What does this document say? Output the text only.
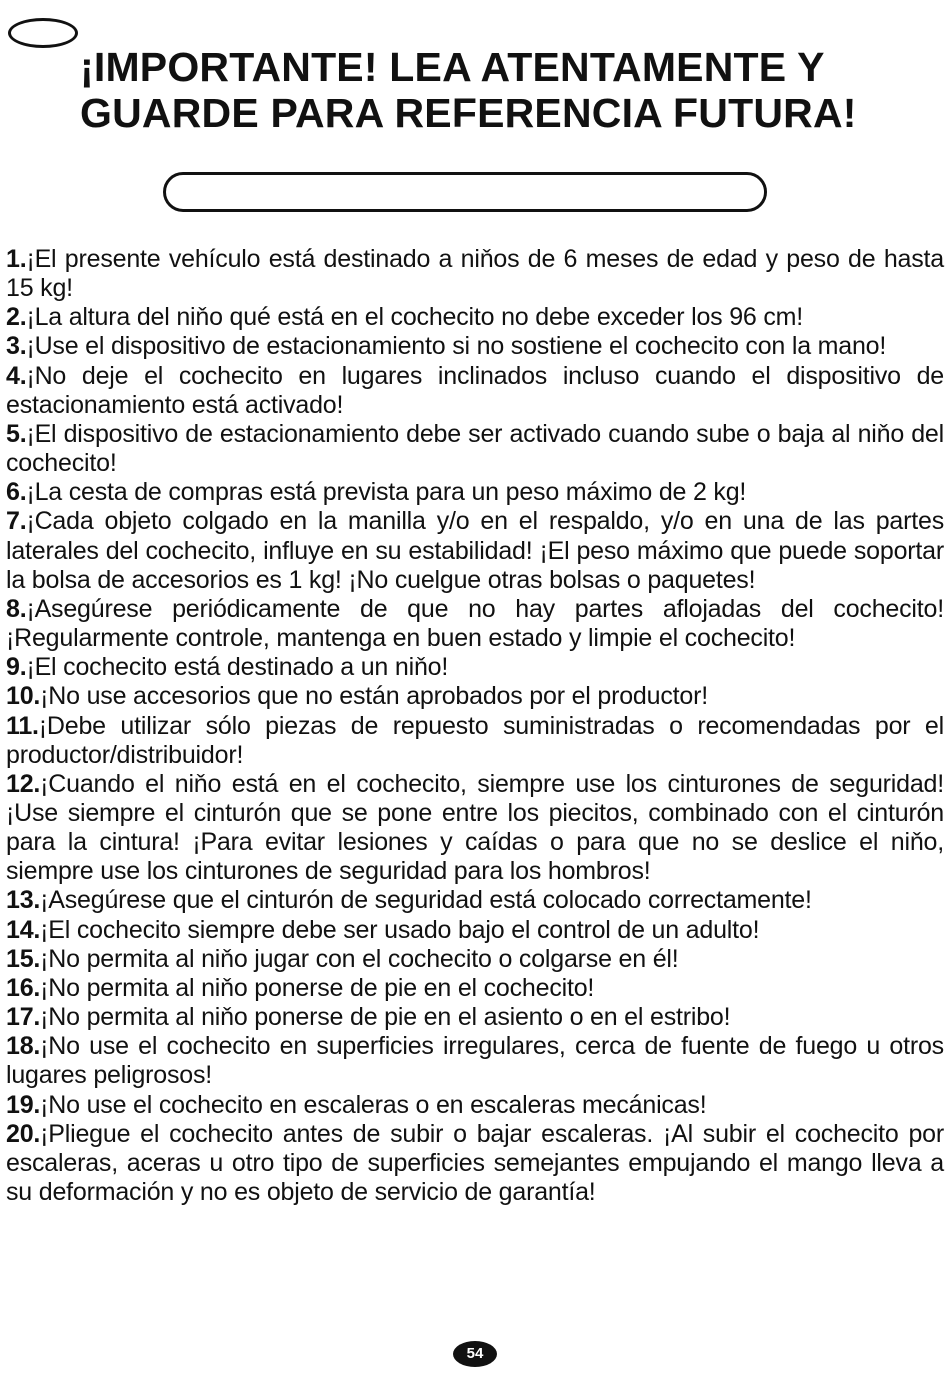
¡IMPORTANTE! LEA ATENTAMENTE Y
GUARDE PARA REFERENCIA FUTURA!
1.¡El presente vehículo está destinado a niňos de 6 meses de edad y peso de hasta 15 kg!
2.¡La altura del niňo qué está en el cochecito no debe exceder los 96 cm!
3.¡Use el dispositivo de estacionamiento si no sostiene el cochecito con la mano!
4.¡No deje el cochecito en lugares inclinados incluso cuando el dispositivo de estacionamiento está activado!
5.¡El dispositivo de estacionamiento debe ser activado cuando sube o baja al niňo del cochecito!
6.¡La cesta de compras está prevista para un peso máximo de 2 kg!
7.¡Cada objeto colgado en la manilla y/o en el respaldo, y/o en una de las partes laterales del cochecito, influye en su estabilidad! ¡El peso máximo que puede soportar la bolsa de accesorios es 1 kg! ¡No cuelgue otras bolsas o paquetes!
8.¡Asegúrese periódicamente de que no hay partes aflojadas del cochecito! ¡Regularmente controle, mantenga en buen estado y limpie el cochecito!
9.¡El cochecito está destinado a un niňo!
10.¡No use accesorios que no están aprobados por el productor!
11.¡Debe utilizar sólo piezas de repuesto suministradas o recomendadas por el productor/distribuidor!
12.¡Cuando el niňo está en el cochecito, siempre use los cinturones de seguridad! ¡Use siempre el cinturón que se pone entre los piecitos, combinado con el cinturón para la cintura! ¡Para evitar lesiones y caídas o para que no se deslice el niňo, siempre use los cinturones de seguridad para los hombros!
13.¡Asegúrese que el cinturón de seguridad está colocado correctamente!
14.¡El cochecito siempre debe ser usado bajo el control de un adulto!
15.¡No permita al niňo jugar con el cochecito o colgarse en él!
16.¡No permita al niňo ponerse de pie en el cochecito!
17.¡No permita al niňo ponerse de pie en el asiento o en el estribo!
18.¡No use el cochecito en superficies irregulares, cerca de fuente de fuego u otros lugares peligrosos!
19.¡No use el cochecito en escaleras o en escaleras mecánicas!
20.¡Pliegue el cochecito antes de subir o bajar escaleras. ¡Al subir el cochecito por escaleras, aceras u otro tipo de superficies semejantes empujando el mango lleva a su deformación y no es objeto de servicio de garantía!
54
